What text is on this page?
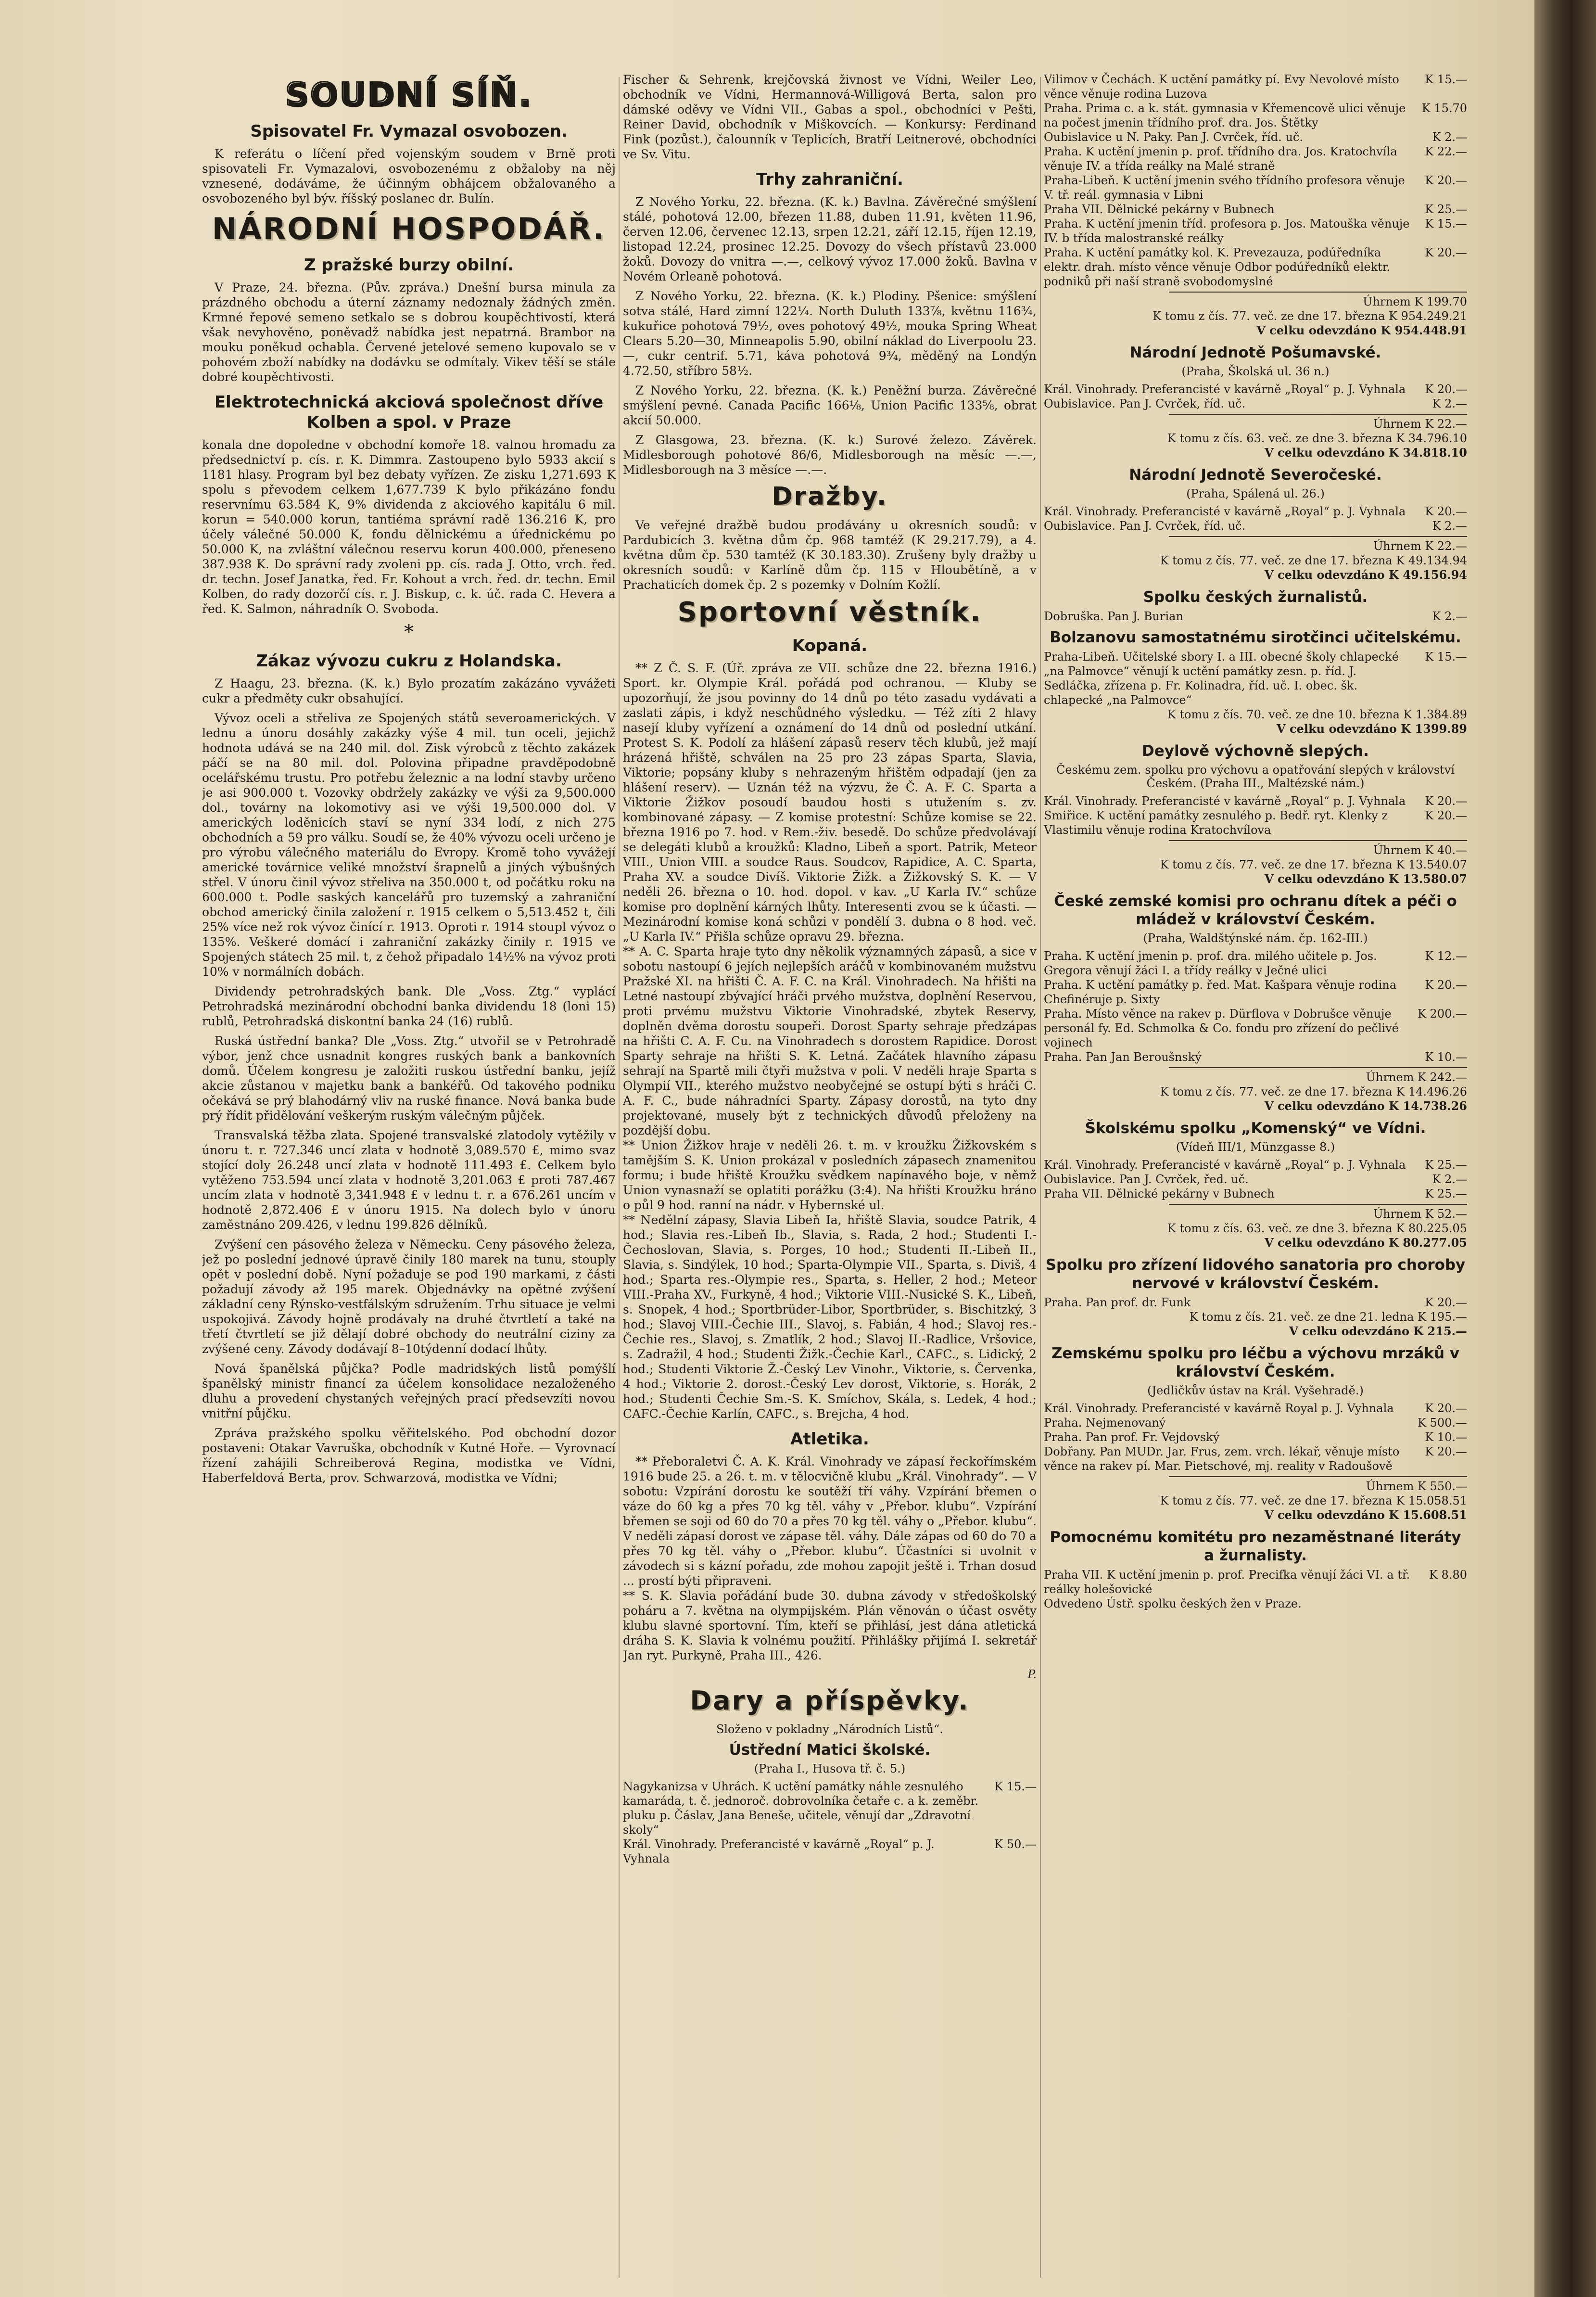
SOUDNÍ SÍŇ.
Spisovatel Fr. Vymazal osvobozen.

K referátu o líčení před vojenským soudem v Brně proti spisovateli Fr. Vymazalovi, osvobozenému z obžaloby na něj vznesené, dodáváme, že účinným obhájcem obžalovaného a osvobozeného byl býv. říšský poslanec dr. Bulín.

NÁRODNÍ HOSPODÁŘ.
Z pražské burzy obilní.

V Praze, 24. března. (Pův. zpráva.) Dnešní bursa minula za prázdného obchodu a úterní záznamy nedoznaly žádných změn. Krmné řepové semeno setkalo se s dobrou koupěchtivostí, která však nevyhověno, poněvadž nabídka jest nepatrná. Brambor na mouku poněkud ochabla. Červené jetelové semeno kupovalo se v pohovém zboží nabídky na dodávku se odmítaly. Vikev těší se stále dobré koupěchtivosti.

Elektrotechnická akciová společnost dříve Kolben a spol. v Praze

konala dne dopoledne v obchodní komoře 18. valnou hromadu za předsednictví p. cís. r. K. Dimmra. Zastoupeno bylo 5933 akcií s 1181 hlasy. Program byl bez debaty vyřízen. Ze zisku 1,271.693 K spolu s převodem celkem 1,677.739 K bylo přikázáno fondu reservnímu 63.584 K, 9% dividenda z akciového kapitálu 6 mil. korun = 540.000 korun, tantiéma správní radě 136.216 K, pro účely válečné 50.000 K, fondu dělnickému a úřednickému po 50.000 K, na zvláštní válečnou reservu korun 400.000, přeneseno 387.938 K. Do správní rady zvoleni pp. cís. rada J. Otto, vrch. řed. dr. techn. Josef Janatka, řed. Fr. Kohout a vrch. řed. dr. techn. Emil Kolben, do rady dozorčí cís. r. J. Biskup, c. k. úč. rada C. Hevera a řed. K. Salmon, náhradník O. Svoboda.

*
Zákaz vývozu cukru z Holandska.

Z Haagu, 23. března. (K. k.) Bylo prozatím zakázáno vyvážeti cukr a předměty cukr obsahující.

Vývoz oceli a střeliva ze Spojených států severoamerických. V lednu a únoru dosáhly zakázky výše 4 mil. tun oceli, jejichž hodnota udává se na 240 mil. dol. Zisk výrobců z těchto zakázek páčí se na 80 mil. dol. Polovina připadne pravděpodobně ocelářskému trustu. Pro potřebu železnic a na lodní stavby určeno je asi 900.000 t. Vozovky obdržely zakázky ve výši za 9,500.000 dol., továrny na lokomotivy asi ve výši 19,500.000 dol. V amerických loděnicích staví se nyní 334 lodí, z nich 275 obchodních a 59 pro válku. Soudí se, že 40% vývozu oceli určeno je pro výrobu válečného materiálu do Evropy. Kromě toho vyvážejí americké továrnice veliké množství šrapnelů a jiných výbušných střel. V únoru činil vývoz střeliva na 350.000 t, od počátku roku na 600.000 t. Podle saských kancelářů pro tuzemský a zahraniční obchod americký činila založení r. 1915 celkem o 5,513.452 t, čili 25% více než rok vývoz činící r. 1913. Oproti r. 1914 stoupl vývoz o 135%. Veškeré domácí i zahraniční zakázky činily r. 1915 ve Spojených státech 25 mil. t, z čehož připadalo 14½% na vývoz proti 10% v normálních dobách.

Dividendy petrohradských bank. Dle „Voss. Ztg.“ vyplácí Petrohradská mezinárodní obchodní banka dividendu 18 (loni 15) rublů, Petrohradská diskontní banka 24 (16) rublů.

Ruská ústřední banka? Dle „Voss. Ztg.“ utvořil se v Petrohradě výbor, jenž chce usnadnit kongres ruských bank a bankovních domů. Účelem kongresu je založiti ruskou ústřední banku, jejíž akcie zůstanou v majetku bank a bankéřů. Od takového podniku očekává se prý blahodárný vliv na ruské finance. Nová banka bude prý řídit přidělování veškerým ruským válečným půjček.

Transvalská těžba zlata. Spojené transvalské zlatodoly vytěžily v únoru t. r. 727.346 uncí zlata v hodnotě 3,089.570 £, mimo svaz stojící doly 26.248 uncí zlata v hodnotě 111.493 £. Celkem bylo vytěženo 753.594 uncí zlata v hodnotě 3,201.063 £ proti 787.467 uncím zlata v hodnotě 3,341.948 £ v lednu t. r. a 676.261 uncím v hodnotě 2,872.406 £ v únoru 1915. Na dolech bylo v únoru zaměstnáno 209.426, v lednu 199.826 dělníků.

Zvýšení cen pásového železa v Německu. Ceny pásového železa, jež po poslední jednové úpravě činily 180 marek na tunu, stouply opět v poslední době. Nyní požaduje se pod 190 markami, z části požadují závody až 195 marek. Objednávky na opětné zvýšení základní ceny Rýnsko-vestfálským sdružením. Trhu situace je velmi uspokojivá. Závody hojně prodávaly na druhé čtvrtletí a také na třetí čtvrtletí se již dělají dobré obchody do neutrální ciziny za zvýšené ceny. Závody dodávají 8–10týdenní dodací lhůty.

Nová španělská půjčka? Podle madridských listů pomýšlí španělský ministr financí za účelem konsolidace nezaloženého dluhu a provedení chystaných veřejných prací předsevzíti novou vnitřní půjčku.

Zpráva pražského spolku věřitelského. Pod obchodní dozor postaveni: Otakar Vavruška, obchodník v Kutné Hoře. — Vyrovnací řízení zahájili Schreiberová Regina, modistka ve Vídni, Haberfeldová Berta, prov. Schwarzová, modistka ve Vídni;

Fischer & Sehrenk, krejčovská živnost ve Vídni, Weiler Leo, obchodník ve Vídni, Hermannová-Willigová Berta, salon pro dámské oděvy ve Vídni VII., Gabas a spol., obchodníci v Pešti, Reiner David, obchodník v Miškovcích. — Konkursy: Ferdinand Fink (pozůst.), čalounník v Teplicích, Bratří Leitnerové, obchodníci ve Sv. Vitu.

Trhy zahraniční.

Z Nového Yorku, 22. března. (K. k.) Bavlna. Závěrečné smýšlení stálé, pohotová 12.00, březen 11.88, duben 11.91, květen 11.96, červen 12.06, červenec 12.13, srpen 12.21, září 12.15, říjen 12.19, listopad 12.24, prosinec 12.25. Dovozy do všech přístavů 23.000 žoků. Dovozy do vnitra —.—, celkový vývoz 17.000 žoků. Bavlna v Novém Orleaně pohotová.

Z Nového Yorku, 22. března. (K. k.) Plodiny. Pšenice: smýšlení sotva stálé, Hard zimní 122¼. North Duluth 133⅞, květnu 116¾, kukuřice pohotová 79½, oves pohotový 49½, mouka Spring Wheat Clears 5.20—30, Minneapolis 5.90, obilní náklad do Liverpoolu 23.—, cukr centrif. 5.71, káva pohotová 9¾, měděný na Londýn 4.72.50, stříbro 58½.

Z Nového Yorku, 22. března. (K. k.) Peněžní burza. Závěrečné smýšlení pevné. Canada Pacific 166⅛, Union Pacific 133⅝, obrat akcií 50.000.

Z Glasgowa, 23. března. (K. k.) Surové železo. Závěrek. Midlesborough pohotové 86/6, Midlesborough na měsíc —.—, Midlesborough na 3 měsíce —.—.

Dražby.

Ve veřejné dražbě budou prodávány u okresních soudů: v Pardubicích 3. května dům čp. 968 tamtéž (K 29.217.79), a 4. května dům čp. 530 tamtéž (K 30.183.30). Zrušeny byly dražby u okresních soudů: v Karlíně dům čp. 115 v Hloubětíně, a v Prachaticích domek čp. 2 s pozemky v Dolním Kožlí.

Sportovní věstník.
Kopaná.

** Z Č. S. F. (Úř. zpráva ze VII. schůze dne 22. března 1916.) Sport. kr. Olympie Král. pořádá pod ochranou. — Kluby se upozorňují, že jsou povinny do 14 dnů po této zasadu vydávati a zaslati zápis, i když neschůdného výsledku. — Též zíti 2 hlavy nasejí kluby vyřízení a oznámení do 14 dnů od poslední utkání. Protest S. K. Podolí za hlášení zápasů reserv těch klubů, jež mají hrázená hřiště, schválen na 25 pro 23 zápas Sparta, Slavia, Viktorie; popsány kluby s nehrazeným hřištěm odpadají (jen za hlášení reserv). — Uznán též na výzvu, že Č. A. F. C. Sparta a Viktorie Žižkov posoudí baudou hosti s utužením s. zv. kombinované zápasy. — Z komise protestní: Schůze komise se 22. března 1916 po 7. hod. v Rem.-živ. besedě. Do schůze předvolávají se delegáti klubů a kroužků: Kladno, Libeň a sport. Patrik, Meteor VIII., Union VIII. a soudce Raus. Soudcov, Rapidice, A. C. Sparta, Praha XV. a soudce Divíš. Viktorie Žižk. a Žižkovský S. K. — V neděli 26. března o 10. hod. dopol. v kav. „U Karla IV.“ schůze komise pro doplnění kárných lhůty. Interesenti zvou se k účasti. — Mezinárodní komise koná schůzi v pondělí 3. dubna o 8 hod. več. „U Karla IV.“ Přišla schůze opravu 29. března.
** A. C. Sparta hraje tyto dny několik významných zápasů, a sice v sobotu nastoupí 6 jejích nejlepších aráčů v kombinovaném mužstvu Pražské XI. na hřišti Č. A. F. C. na Král. Vinohradech. Na hřišti na Letné nastoupí zbývající hráči prvého mužstva, doplnění Reservou, proti prvému mužstvu Viktorie Vinohradské, zbytek Reservy, doplněn dvěma dorostu soupeři. Dorost Sparty sehraje předzápas na hřišti C. A. F. Cu. na Vinohradech s dorostem Rapidice. Dorost Sparty sehraje na hřišti S. K. Letná. Začátek hlavního zápasu sehrají na Spartě mili čtyři mužstva v poli. V neděli hraje Sparta s Olympií VII., kterého mužstvo neobyčejné se ostupí býti s hráči C. A. F. C., bude náhradníci Sparty. Zápasy dorostů, na tyto dny projektované, musely být z technických důvodů přeloženy na pozdější dobu.
** Union Žižkov hraje v neděli 26. t. m. v kroužku Žižkovském s tamějším S. K. Union prokázal v posledních zápasech znamenitou formu; i bude hřiště Kroužku svědkem napínavého boje, v němž Union vynasnaží se oplatiti porážku (3:4). Na hřišti Kroužku hráno o půl 9 hod. ranní na nádr. v Hybernské ul.
** Nedělní zápasy, Slavia Libeň Ia, hřiště Slavia, soudce Patrik, 4 hod.; Slavia res.-Libeň Ib., Slavia, s. Rada, 2 hod.; Studenti I.-Čechoslovan, Slavia, s. Porges, 10 hod.; Studenti II.-Libeň II., Slavia, s. Sindýlek, 10 hod.; Sparta-Olympie VII., Sparta, s. Diviš, 4 hod.; Sparta res.-Olympie res., Sparta, s. Heller, 2 hod.; Meteor VIII.-Praha XV., Furkyně, 4 hod.; Viktorie VIII.-Nusické S. K., Libeň, s. Snopek, 4 hod.; Sportbrüder-Libor, Sportbrüder, s. Bischitzký, 3 hod.; Slavoj VIII.-Čechie III., Slavoj, s. Fabián, 4 hod.; Slavoj res.-Čechie res., Slavoj, s. Zmatlík, 2 hod.; Slavoj II.-Radlice, Vršovice, s. Zadražil, 4 hod.; Studenti Žižk.-Čechie Karl., CAFC., s. Lidický, 2 hod.; Studenti Viktorie Ž.-Český Lev Vinohr., Viktorie, s. Červenka, 4 hod.; Viktorie 2. dorost.-Český Lev dorost, Viktorie, s. Horák, 2 hod.; Studenti Čechie Sm.-S. K. Smíchov, Skála, s. Ledek, 4 hod.; CAFC.-Čechie Karlín, CAFC., s. Brejcha, 4 hod.

Atletika.

** Přeboraletvi Č. A. K. Král. Vinohrady ve zápasí řeckořímském 1916 bude 25. a 26. t. m. v tělocvičně klubu „Král. Vinohrady“. — V sobotu: Vzpírání dorostu ke soutěží tří váhy. Vzpírání břemen o váze do 60 kg a přes 70 kg těl. váhy v „Přebor. klubu“. Vzpírání břemen se soji od 60 do 70 a přes 70 kg těl. váhy o „Přebor. klubu“. V neděli zápasí dorost ve zápase těl. váhy. Dále zápas od 60 do 70 a přes 70 kg těl. váhy o „Přebor. klubu“. Účastníci si uvolnit v závodech si s kázní pořadu, zde mohou zapojit ještě i. Trhan dosud ... prostí býti připraveni.
** S. K. Slavia pořádání bude 30. dubna závody v středoškolský poháru a 7. května na olympijském. Plán věnován o účast osvěty klubu slavné sportovní. Tím, kteří se přihlásí, jest dána atletická dráha S. K. Slavia k volnému použití. Přihlášky přijímá I. sekretář Jan ryt. Purkyně, Praha III., 426.

P.
Dary a příspěvky.
Složeno v pokladny „Národních Listů“.
Ústřední Matici školské.
(Praha I., Husova tř. č. 5.)
Nagykanizsa v Uhrách. K uctění památky náhle zesnulého kamaráda, t. č. jednoroč. dobrovolníka četaře c. a k. zeměbr. pluku p. Čáslav, Jana Benešе, učitele, věnují dar „Zdravotní skoly“
K 15.—
Král. Vinohrady. Preferancisté v kavárně „Royal“ p. J. Vyhnala
K 50.—
Vilimov v Čechách. K uctění památky pí. Evy Nevolové místo věnce věnuje rodina Luzova
K 15.—
Praha. Prima c. a k. stát. gymnasia v Křemencově ulici věnuje na počest jmenin třídního prof. dra. Jos. Štětky
K 15.70
Oubislavice u N. Paky. Pan J. Cvrček, říd. uč.	K 2.—
Praha. K uctění jmenin p. prof. třídního dra. Jos. Kratochvíla věnuje IV. a třída reálky na Malé straně
K 22.—
Praha-Libeň. K uctění jmenin svého třídního profesora věnuje V. tř. reál. gymnasia v Libni
K 20.—
Praha VII. Dělnické pekárny v Bubnech	K 25.—
Praha. K uctění jmenin tříd. profesora p. Jos. Matouška věnuje IV. b třída malostranské reálky
K 15.—
Praha. K uctění památky kol. K. Prevezauza, podúředníka elektr. drah. místo věnce věnuje Odbor podúředníků elektr. podniků při naší straně svobodomyslné
K 20.—

Úhrnem K 199.70

K tomu z čís. 77. več. ze dne 17. března K 954.249.21

V celku odevzdáno K 954.448.91

Národní Jednotě Pošumavské.
(Praha, Školská ul. 36 n.)
Král. Vinohrady. Preferancisté v kavárně „Royal“ p. J. Vyhnala	K 20.—
Oubislavice. Pan J. Cvrček, říd. uč.	K 2.—

Úhrnem K 22.—

K tomu z čís. 63. več. ze dne 3. března K 34.796.10

V celku odevzdáno K 34.818.10

Národní Jednotě Severočeské.
(Praha, Spálená ul. 26.)
Král. Vinohrady. Preferancisté v kavárně „Royal“ p. J. Vyhnala	K 20.—
Oubislavice. Pan J. Cvrček, říd. uč.	K 2.—

Úhrnem K 22.—

K tomu z čís. 77. več. ze dne 17. března K 49.134.94

V celku odevzdáno K 49.156.94

Spolku českých žurnalistů.
Dobruška. Pan J. Burian	K 2.—
Bolzanovu samostatnému sirotčinci učitelskému.
Praha-Libeň. Učitelské sbory I. a III. obecné školy chlapecké „na Palmovce“ věnují k uctění památky zesn. p. říd. J. Sedláčka, zřízena p. Fr. Kolinadra, říd. uč. I. obec. šk. chlapecké „na Palmovce“
K 15.—

K tomu z čís. 70. več. ze dne 10. března K 1.384.89

V celku odevzdáno K 1399.89

Deylově výchovně slepých.
Českému zem. spolku pro výchovu a opatřování slepých v království Českém. (Praha III., Maltézské nám.)
Král. Vinohrady. Preferancisté v kavárně „Royal“ p. J. Vyhnala	K 20.—
Smiřice. K uctění památky zesnulého p. Bedř. ryt. Klenky z Vlastimilu věnuje rodina Kratochvílova
K 20.—

Úhrnem K 40.—

K tomu z čís. 77. več. ze dne 17. března K 13.540.07

V celku odevzdáno K 13.580.07

České zemské komisi pro ochranu dítek a péči o mládež v království Českém.
(Praha, Waldštýnské nám. čp. 162-III.)
Praha. K uctění jmenin p. prof. dra. milého učitele p. Jos. Gregora věnují žáci I. a třídy reálky v Ječné ulici
K 12.—
Praha. K uctění památky p. řed. Mat. Kašpara věnuje rodina Chefinéruje p. Sixty
K 20.—
Praha. Místo věnce na rakev p. Dürflova v Dobrušce věnuje personál fy. Ed. Schmolka & Co. fondu pro zřízení do pečlivé vojinech
K 200.—
Praha. Pan Jan Beroušnský	K 10.—

Úhrnem K 242.—

K tomu z čís. 77. več. ze dne 17. března K 14.496.26

V celku odevzdáno K 14.738.26

Školskému spolku „Komenský“ ve Vídni.
(Vídeň III/1, Münzgasse 8.)
Král. Vinohrady. Preferancisté v kavárně „Royal“ p. J. Vyhnala	K 25.—
Oubislavice. Pan J. Cvrček, řed. uč.	K 2.—
Praha VII. Dělnické pekárny v Bubnech	K 25.—

Úhrnem K 52.—

K tomu z čís. 63. več. ze dne 3. března K 80.225.05

V celku odevzdáno K 80.277.05

Spolku pro zřízení lidového sanatoria pro choroby nervové v království Českém.
Praha. Pan prof. dr. Funk	K 20.—

K tomu z čís. 21. več. ze dne 21. ledna K 195.—

V celku odevzdáno K 215.—

Zemskému spolku pro léčbu a výchovu mrzáků v království Českém.
(Jedličkův ústav na Král. Vyšehradě.)
Král. Vinohrady. Preferancisté v kavárně Royal p. J. Vyhnala	K 20.—
Praha. Nejmenovaný	K 500.—
Praha. Pan prof. Fr. Vejdovský	K 10.—
Dobřany. Pan MUDr. Jar. Frus, zem. vrch. lékař, věnuje místo věnce na rakev pí. Mar. Pietschové, mj. reality v Radoušově
K 20.—

Úhrnem K 550.—

K tomu z čís. 77. več. ze dne 17. března K 15.058.51

V celku odevzdáno K 15.608.51

Pomocnému komitétu pro nezaměstnané literáty a žurnalisty.
Praha VII. K uctění jmenin p. prof. Precifka věnují žáci VI. a tř. reálky holešovické
K 8.80
Odvedeno Ústř. spolku českých žen v Praze.
